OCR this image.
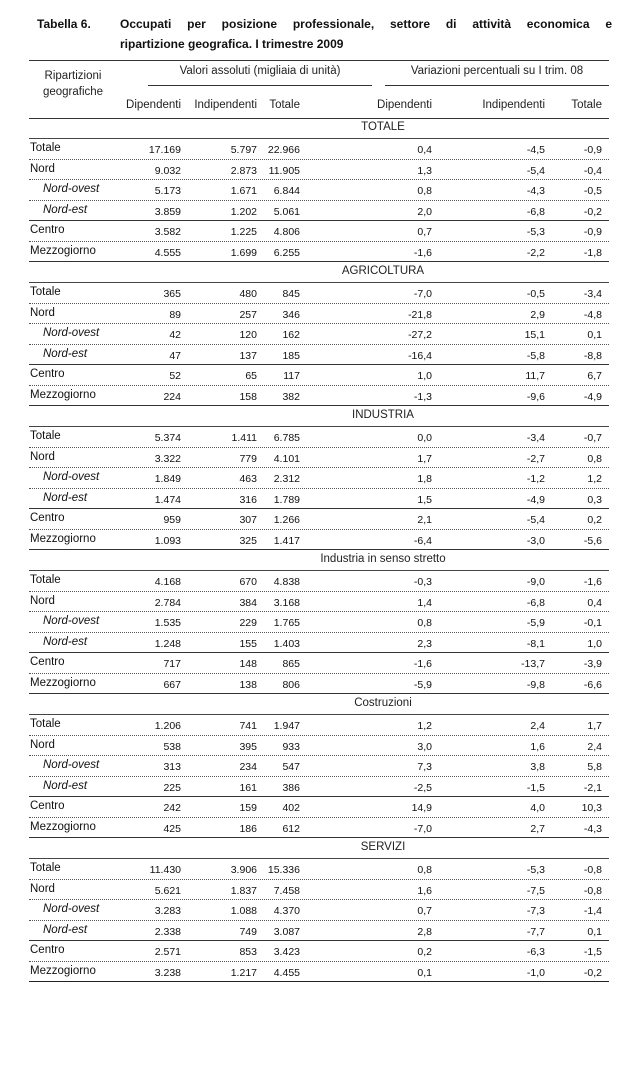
Tabella 6. Occupati per posizione professionale, settore di attività economica e
ripartizione geografica. I trimestre 2009
Ripartizioni
geografiche
Valori assoluti (migliaia di unità)	Variazioni percentuali su I trim. 08
Dipendenti Indipendenti Totale	Dipendenti	Indipendenti Totale
TOTALE
Totale	17.169	5.797 22.966	0,4	-4,5	-0,9
Nord	9.032	2.873 11.905	1,3	-5,4	-0,4
Nord-ovest	5.173	1.671 6.844	0,8	-4,3	-0,5
Nord-est	3.859	1.202 5.061	2,0	-6,8	-0,2
Centro	3.582	1.225 4.806	0,7	-5,3	-0,9
Mezzogiorno	4.555	1.699 6.255	-1,6	-2,2	-1,8
AGRICOLTURA
Totale	365	480 845	-7,0	-0,5	-3,4
Nord	89	257 346	-21,8	2,9	-4,8
Nord-ovest	42	120 162	-27,2	15,1	0,1
Nord-est	47	137 185	-16,4	-5,8	-8,8
Centro	52	65	117	1,0	11,7	6,7
Mezzogiorno	224	158 382	-1,3	-9,6	-4,9
INDUSTRIA
Totale	5.374	1.411 6.785	0,0	-3,4	-0,7
Nord	3.322	779 4.101	1,7	-2,7	0,8
Nord-ovest	1.849	463 2.312	1,8	-1,2	1,2
Nord-est	1.474	316 1.789	1,5	-4,9	0,3
Centro	959	307 1.266	2,1	-5,4	0,2
Mezzogiorno	1.093	325 1.417	-6,4	-3,0	-5,6
Industria in senso stretto
Totale	4.168	670 4.838	-0,3	-9,0	-1,6
Nord	2.784	384 3.168	1,4	-6,8	0,4
Nord-ovest	1.535	229 1.765	0,8	-5,9	-0,1
Nord-est	1.248	155 1.403	2,3	-8,1	1,0
Centro	717	148 865	-1,6	-13,7	-3,9
Mezzogiorno	667	138 806	-5,9	-9,8	-6,6
Costruzioni
Totale	1.206	741 1.947	1,2	2,4	1,7
Nord	538	395 933	3,0	1,6	2,4
Nord-ovest	313	234 547	7,3	3,8	5,8
Nord-est	225	161 386	-2,5	-1,5	-2,1
Centro	242	159 402	14,9	4,0	10,3
Mezzogiorno	425	186 612	-7,0	2,7	-4,3
SERVIZI
Totale	11.430	3.906 15.336	0,8	-5,3	-0,8
Nord	5.621	1.837 7.458	1,6	-7,5	-0,8
Nord-ovest	3.283	1.088 4.370	0,7	-7,3	-1,4
Nord-est	2.338	749 3.087	2,8	-7,7	0,1
Centro	2.571	853 3.423	0,2	-6,3	-1,5
Mezzogiorno	3.238	1.217 4.455	0,1	-1,0	-0,2
